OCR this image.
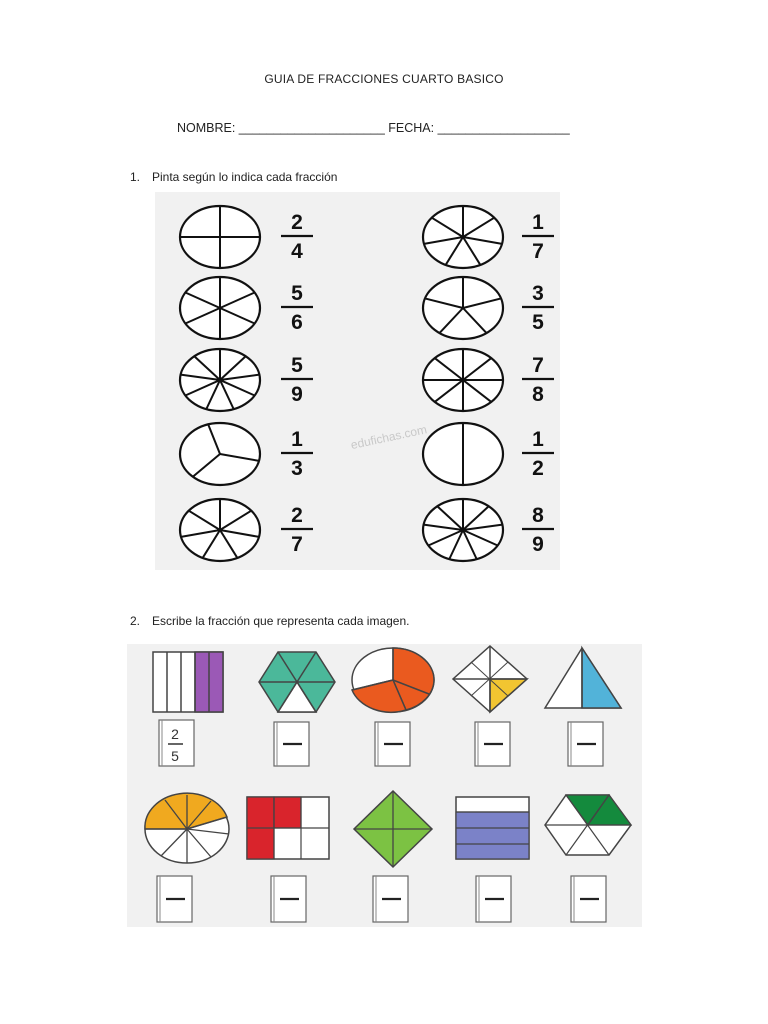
GUIA DE FRACCIONES CUARTO BASICO
NOMBRE: _____________________ FECHA: ___________________
1. Pinta según lo indica cada fracción
edufichas.com
2
4
1
7
5
6
3
5
5
9
7
8
1
3
1
2
2
7
8
9
2. Escribe la fracción que representa cada imagen.
2
5
